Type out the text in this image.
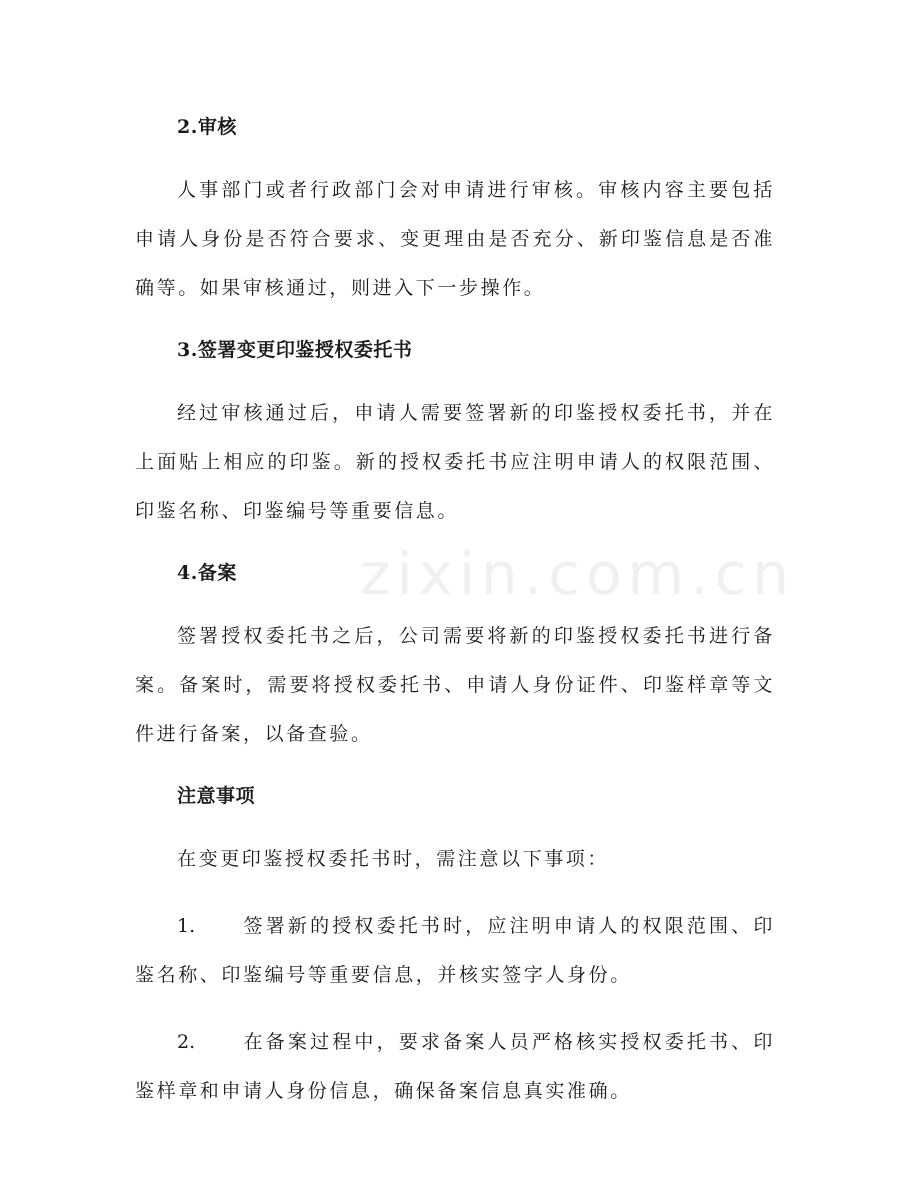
zixin.com.cn
2.审核

人事部门或者行政部门会对申请进行审核。审核内容主要包括申请人身份是否符合要求、变更理由是否充分、新印鉴信息是否准确等。如果审核通过，则进入下一步操作。

3.签署变更印鉴授权委托书

经过审核通过后，申请人需要签署新的印鉴授权委托书，并在上面贴上相应的印鉴。新的授权委托书应注明申请人的权限范围、印鉴名称、印鉴编号等重要信息。

4.备案

签署授权委托书之后，公司需要将新的印鉴授权委托书进行备案。备案时，需要将授权委托书、申请人身份证件、印鉴样章等文件进行备案，以备查验。

注意事项

在变更印鉴授权委托书时，需注意以下事项：

1.	签署新的授权委托书时，应注明申请人的权限范围、印鉴名称、印鉴编号等重要信息，并核实签字人身份。

2.	在备案过程中，要求备案人员严格核实授权委托书、印鉴样章和申请人身份信息，确保备案信息真实准确。
